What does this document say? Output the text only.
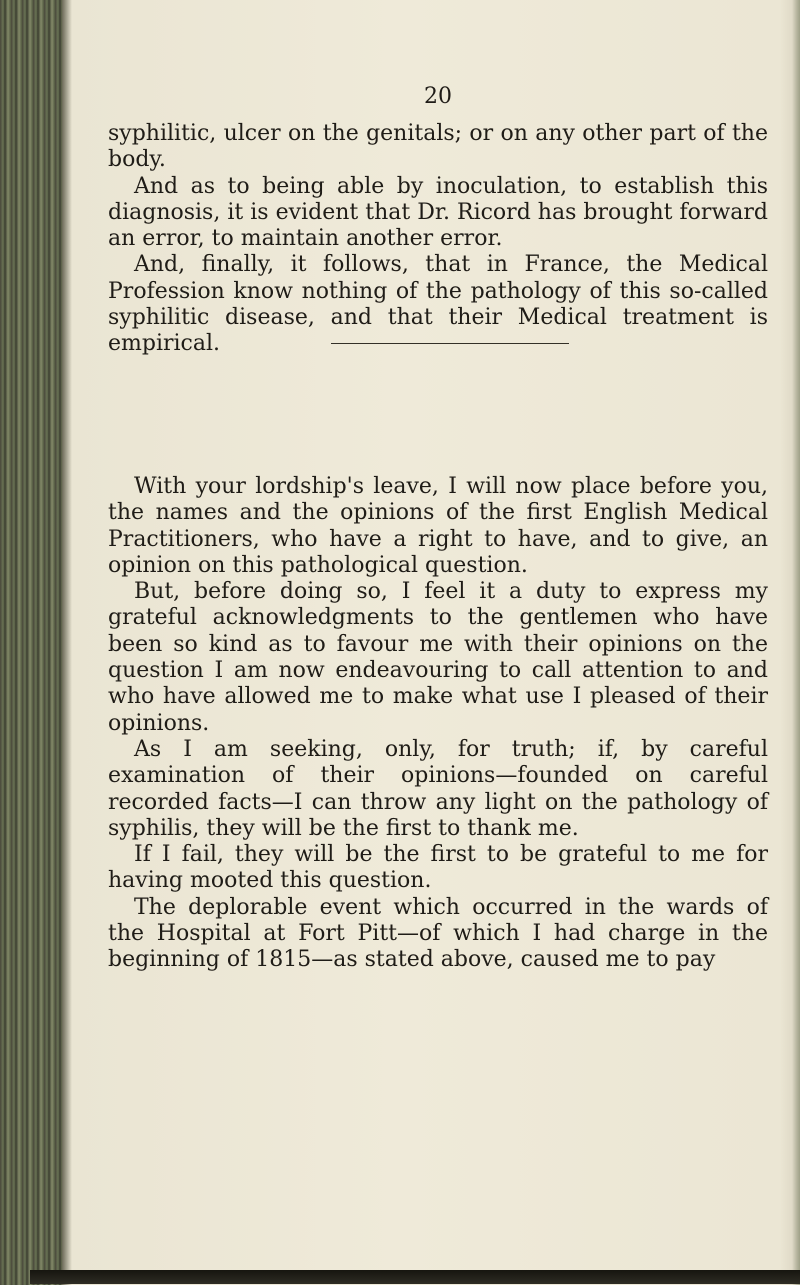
20

syphilitic, ulcer on the genitals; or on any other part of the body.

And as to being able by inoculation, to establish this diagnosis, it is evident that Dr. Ricord has brought forward an error, to maintain another error.

And, finally, it follows, that in France, the Medical Profession know nothing of the pathology of this so-called syphilitic disease, and that their Medical treatment is empirical.

With your lordship's leave, I will now place before you, the names and the opinions of the first English Medical Practitioners, who have a right to have, and to give, an opinion on this pathological question.

But, before doing so, I feel it a duty to express my grateful acknowledgments to the gentlemen who have been so kind as to favour me with their opinions on the question I am now endeavouring to call attention to and who have allowed me to make what use I pleased of their opinions.

As I am seeking, only, for truth; if, by careful examination of their opinions—founded on careful recorded facts—I can throw any light on the pathology of syphilis, they will be the first to thank me.

If I fail, they will be the first to be grateful to me for having mooted this question.

The deplorable event which occurred in the wards of the Hospital at Fort Pitt—of which I had charge in the beginning of 1815—as stated above, caused me to pay
